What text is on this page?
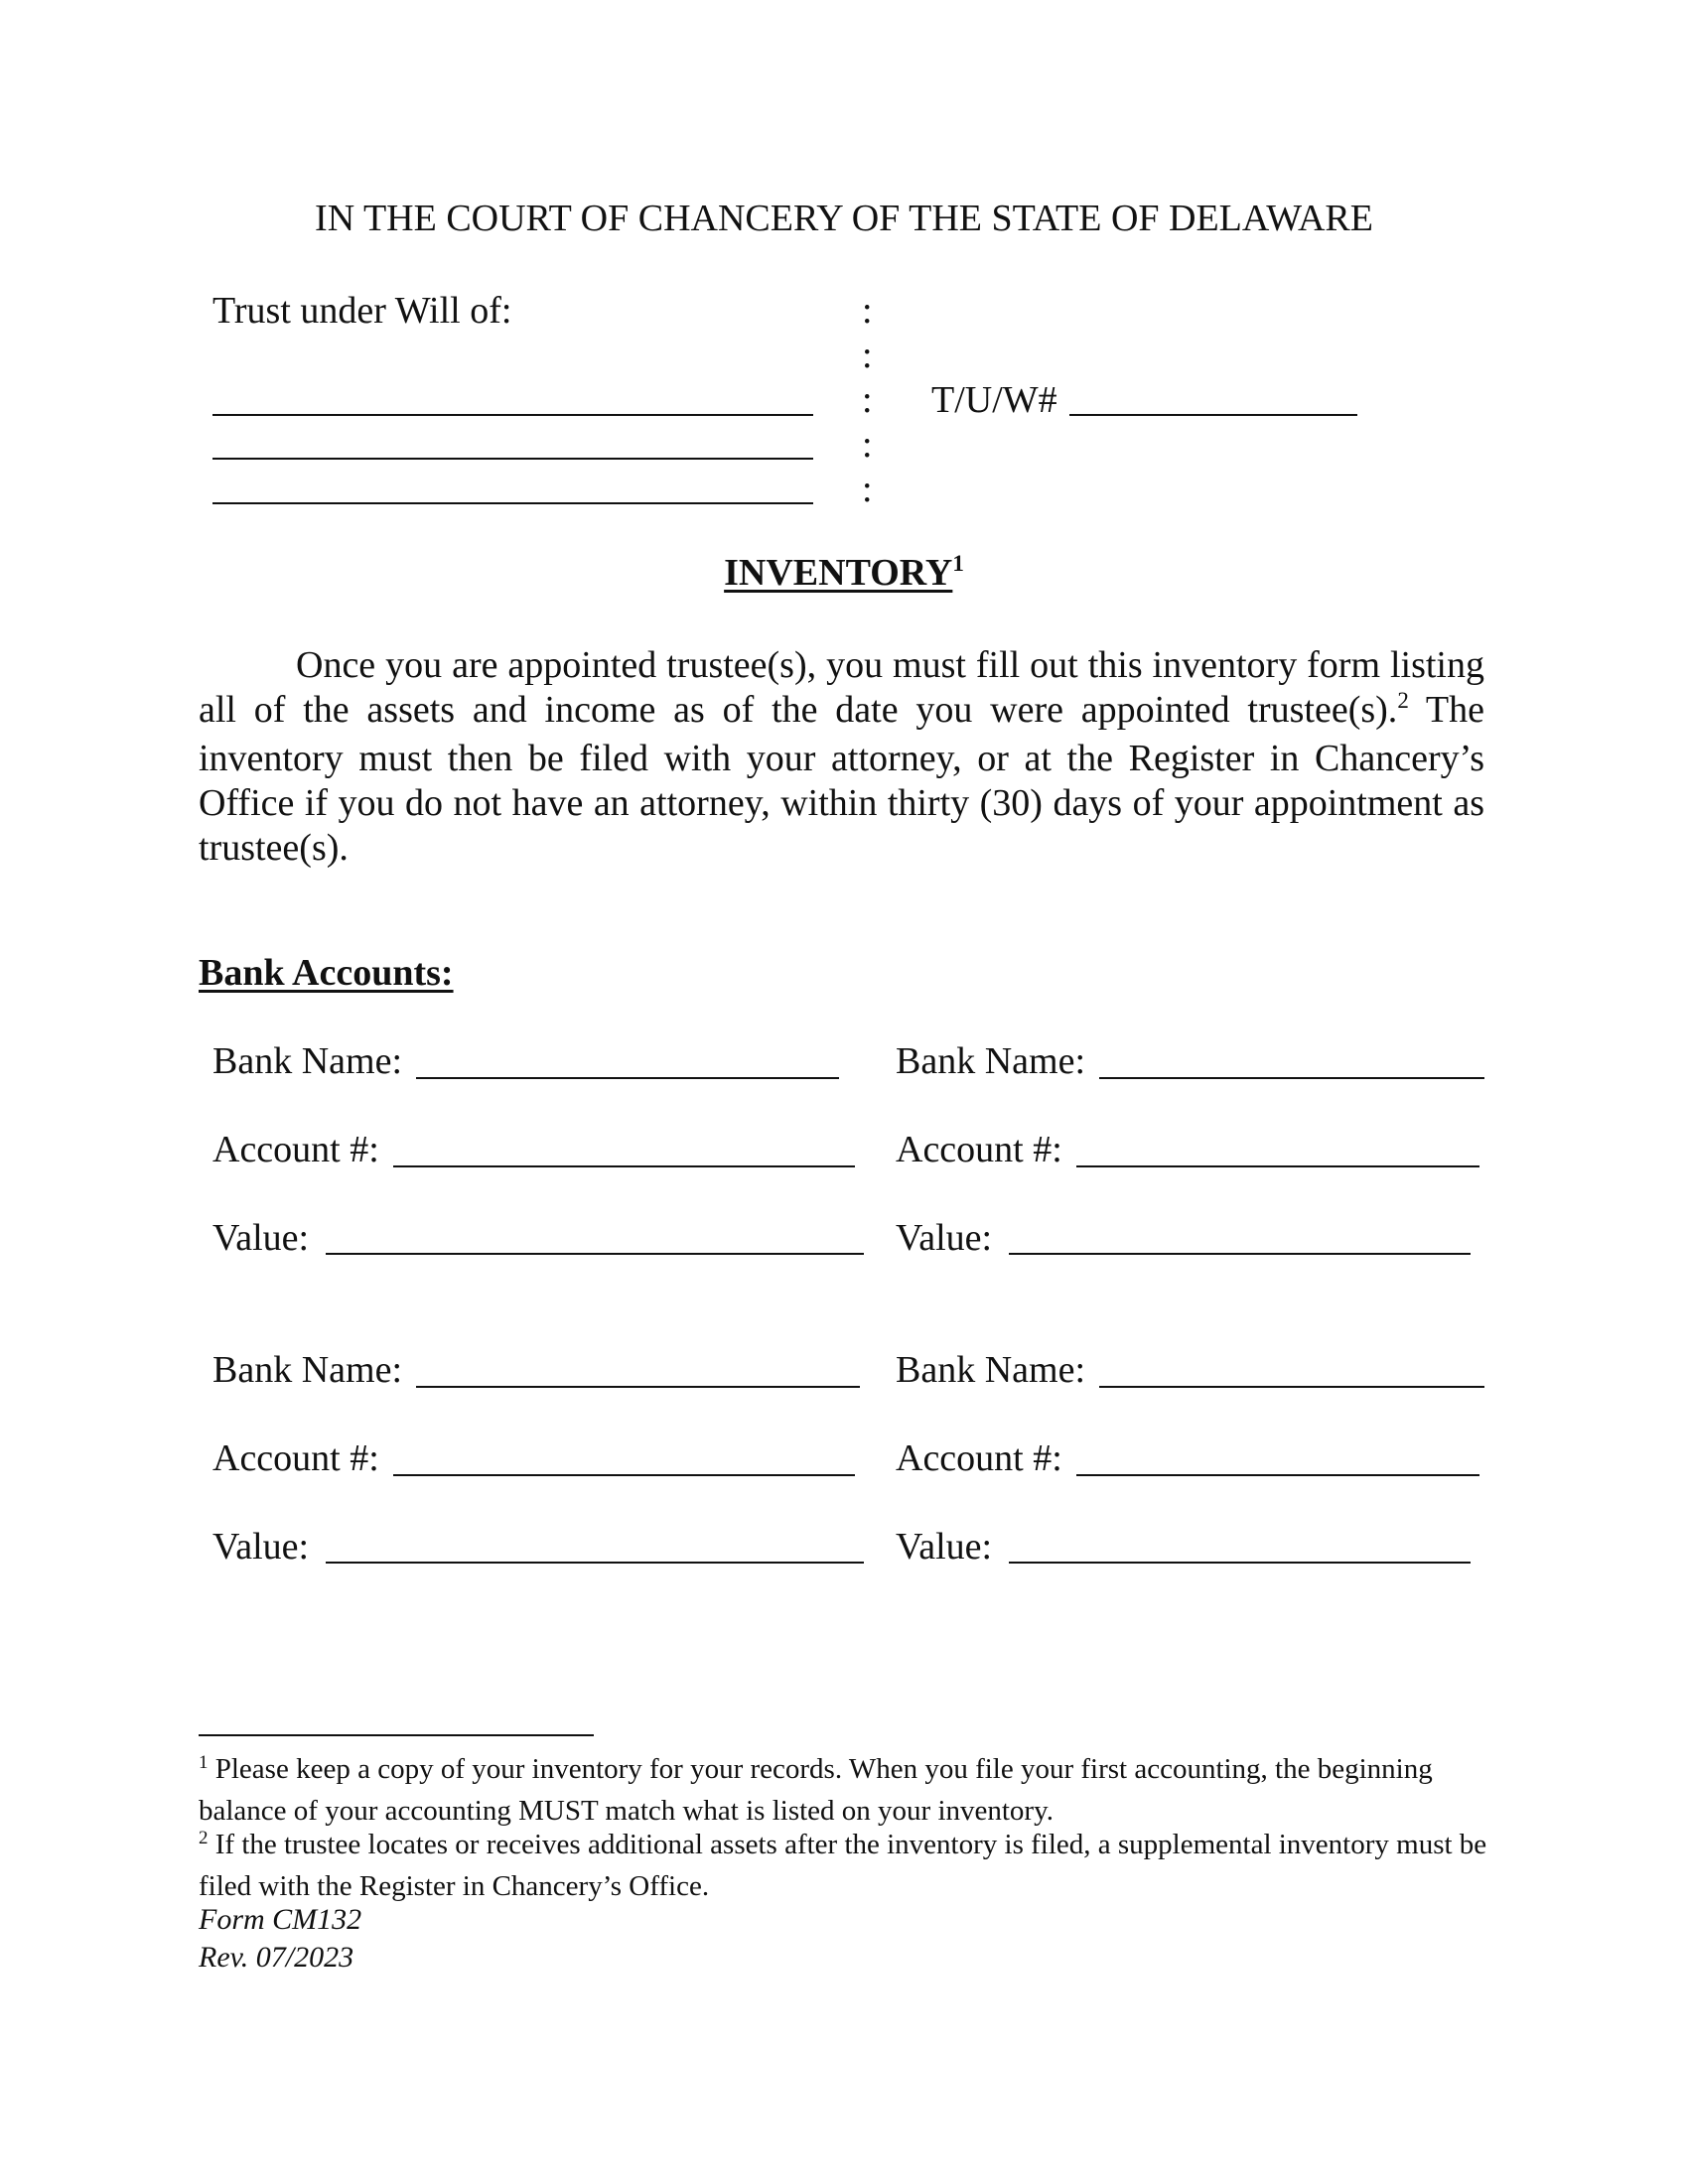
IN THE COURT OF CHANCERY OF THE STATE OF DELAWARE
Trust under Will of:	:
:
:
:
:
T/U/W#
INVENTORY$^1$
Once you are appointed trustee(s), you must fill out this inventory form listing all of the assets and income as of the date you were appointed trustee(s).$^2$ The inventory must then be filed with your attorney, or at the Register in Chancery’s Office if you do not have an attorney, within thirty (30) days of your appointment as trustee(s).
Bank Accounts:
Bank Name:
Account #:
Value:
Bank Name:
Account #:
Value:
Bank Name:
Account #:
Value:
Bank Name:
Account #:
Value:
$^1$ Please keep a copy of your inventory for your records. When you file your first accounting, the beginning balance of your accounting MUST match what is listed on your inventory.
$^2$ If the trustee locates or receives additional assets after the inventory is filed, a supplemental inventory must be filed with the Register in Chancery’s Office.
Form CM132
Rev. 07/2023
